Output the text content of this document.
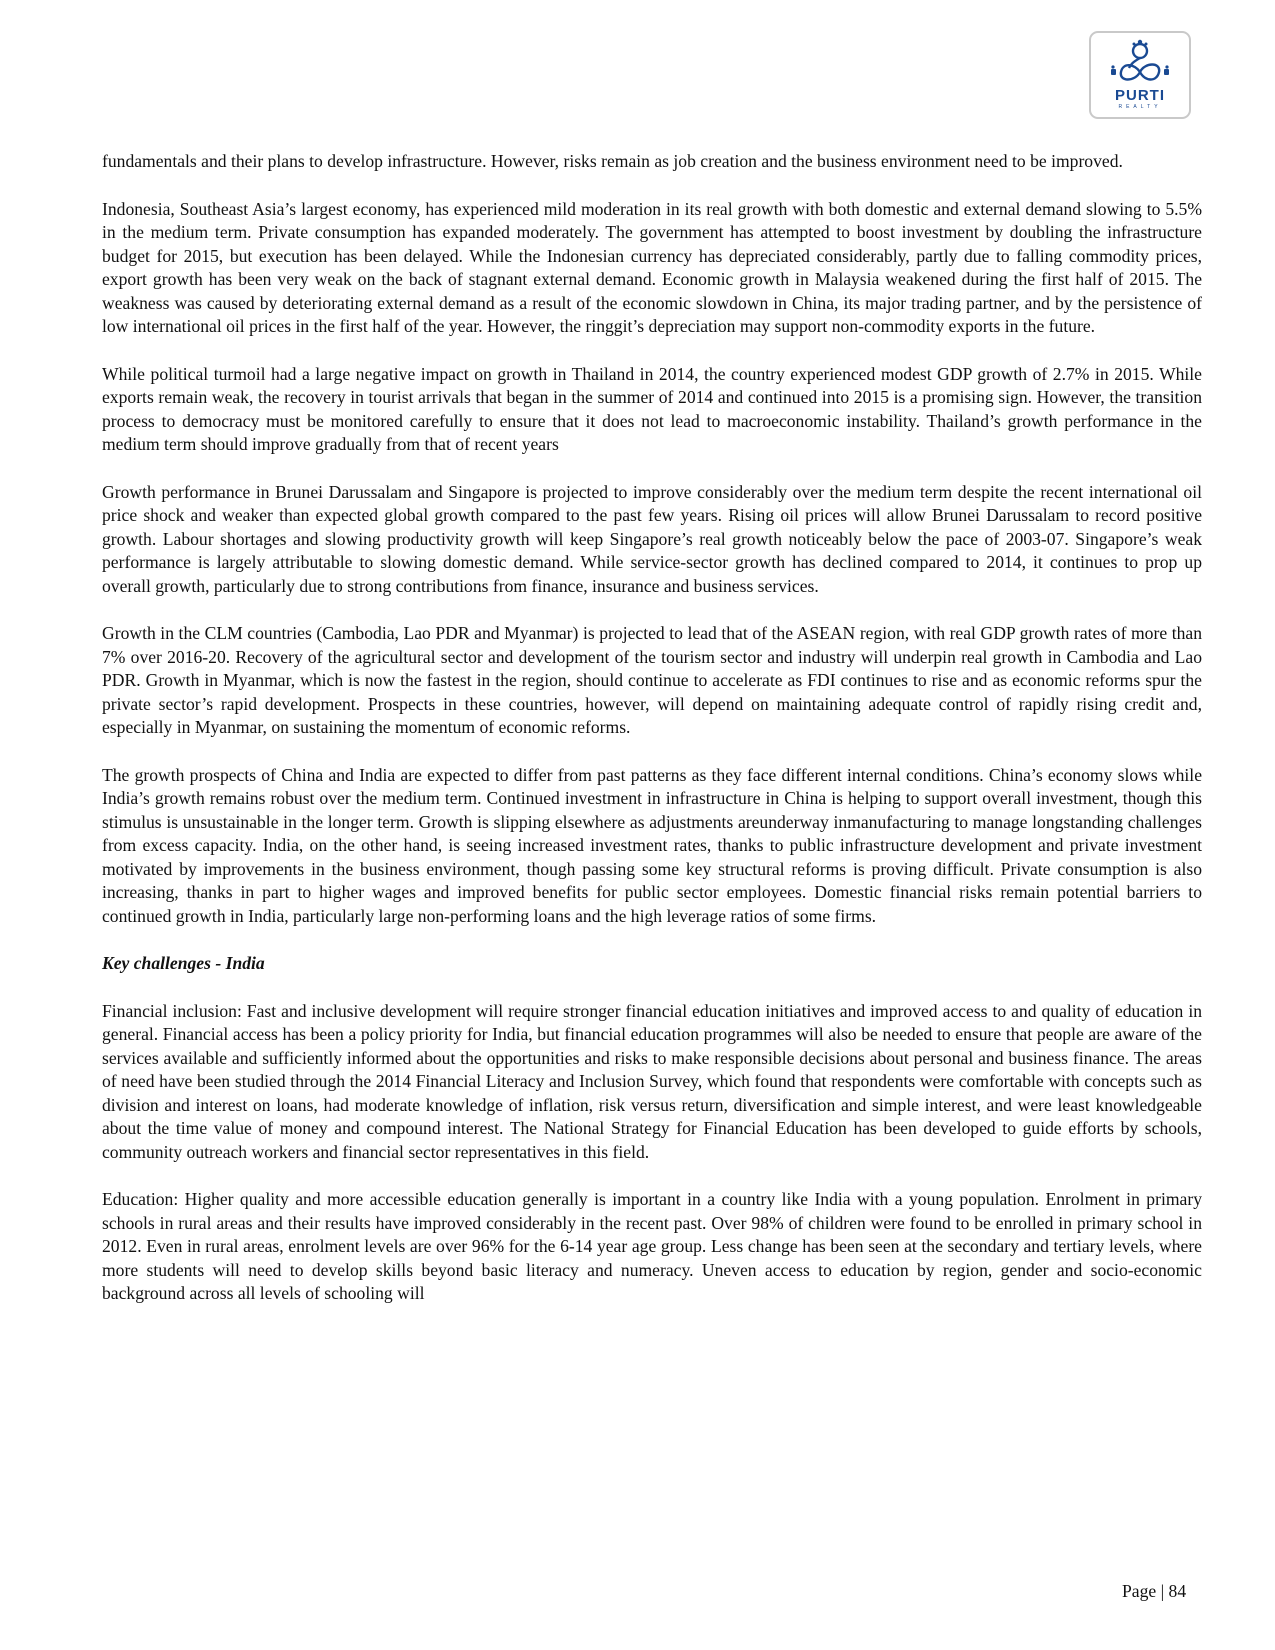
PURTI
REALTY

fundamentals and their plans to develop infrastructure. However, risks remain as job creation and the business environment need to be improved.

Indonesia, Southeast Asia’s largest economy, has experienced mild moderation in its real growth with both domestic and external demand slowing to 5.5% in the medium term. Private consumption has expanded moderately. The government has attempted to boost investment by doubling the infrastructure budget for 2015, but execution has been delayed. While the Indonesian currency has depreciated considerably, partly due to falling commodity prices, export growth has been very weak on the back of stagnant external demand. Economic growth in Malaysia weakened during the first half of 2015. The weakness was caused by deteriorating external demand as a result of the economic slowdown in China, its major trading partner, and by the persistence of low international oil prices in the first half of the year. However, the ringgit’s depreciation may support non-commodity exports in the future.

While political turmoil had a large negative impact on growth in Thailand in 2014, the country experienced modest GDP growth of 2.7% in 2015. While exports remain weak, the recovery in tourist arrivals that began in the summer of 2014 and continued into 2015 is a promising sign. However, the transition process to democracy must be monitored carefully to ensure that it does not lead to macroeconomic instability. Thailand’s growth performance in the medium term should improve gradually from that of recent years

Growth performance in Brunei Darussalam and Singapore is projected to improve considerably over the medium term despite the recent international oil price shock and weaker than expected global growth compared to the past few years. Rising oil prices will allow Brunei Darussalam to record positive growth. Labour shortages and slowing productivity growth will keep Singapore’s real growth noticeably below the pace of 2003-07. Singapore’s weak performance is largely attributable to slowing domestic demand. While service-sector growth has declined compared to 2014, it continues to prop up overall growth, particularly due to strong contributions from finance, insurance and business services.

Growth in the CLM countries (Cambodia, Lao PDR and Myanmar) is projected to lead that of the ASEAN region, with real GDP growth rates of more than 7% over 2016-20. Recovery of the agricultural sector and development of the tourism sector and industry will underpin real growth in Cambodia and Lao PDR. Growth in Myanmar, which is now the fastest in the region, should continue to accelerate as FDI continues to rise and as economic reforms spur the private sector’s rapid development. Prospects in these countries, however, will depend on maintaining adequate control of rapidly rising credit and, especially in Myanmar, on sustaining the momentum of economic reforms.

The growth prospects of China and India are expected to differ from past patterns as they face different internal conditions. China’s economy slows while India’s growth remains robust over the medium term. Continued investment in infrastructure in China is helping to support overall investment, though this stimulus is unsustainable in the longer term. Growth is slipping elsewhere as adjustments areunderway inmanufacturing to manage longstanding challenges from excess capacity. India, on the other hand, is seeing increased investment rates, thanks to public infrastructure development and private investment motivated by improvements in the business environment, though passing some key structural reforms is proving difficult. Private consumption is also increasing, thanks in part to higher wages and improved benefits for public sector employees. Domestic financial risks remain potential barriers to continued growth in India, particularly large non-performing loans and the high leverage ratios of some firms.

Key challenges - India

Financial inclusion: Fast and inclusive development will require stronger financial education initiatives and improved access to and quality of education in general. Financial access has been a policy priority for India, but financial education programmes will also be needed to ensure that people are aware of the services available and sufficiently informed about the opportunities and risks to make responsible decisions about personal and business finance. The areas of need have been studied through the 2014 Financial Literacy and Inclusion Survey, which found that respondents were comfortable with concepts such as division and interest on loans, had moderate knowledge of inflation, risk versus return, diversification and simple interest, and were least knowledgeable about the time value of money and compound interest. The National Strategy for Financial Education has been developed to guide efforts by schools, community outreach workers and financial sector representatives in this field.

Education: Higher quality and more accessible education generally is important in a country like India with a young population. Enrolment in primary schools in rural areas and their results have improved considerably in the recent past. Over 98% of children were found to be enrolled in primary school in 2012. Even in rural areas, enrolment levels are over 96% for the 6-14 year age group. Less change has been seen at the secondary and tertiary levels, where more students will need to develop skills beyond basic literacy and numeracy. Uneven access to education by region, gender and socio-economic background across all levels of schooling will

Page | 84
